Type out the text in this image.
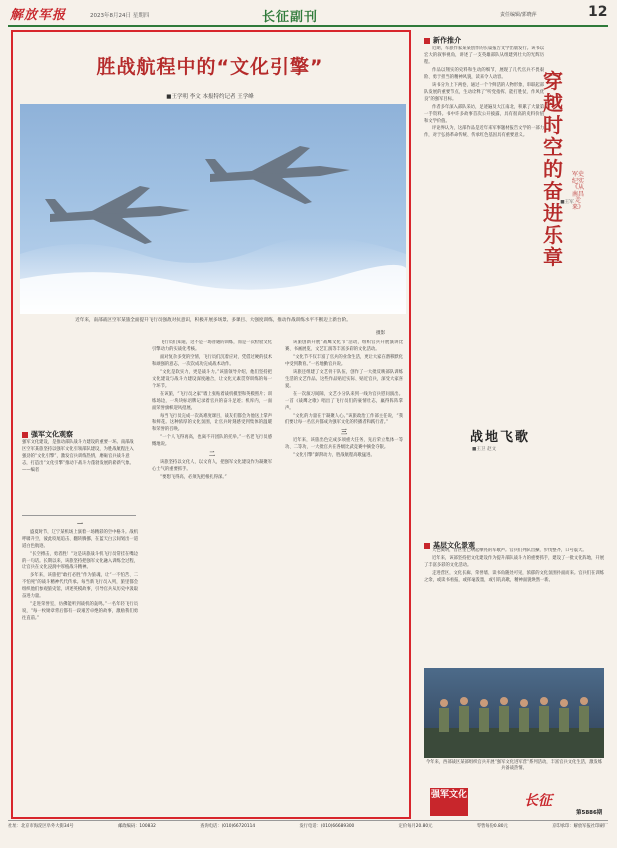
解放军报	2023年8月24日 星期四	长征副刊	责任编辑/郭晓萍	12
胜战航程中的“文化引擎”
■王学明 李文 本报特约记者 王学峰
近年来，南部战区空军某旅全面提升飞行员强敌对抗意识，积极开展多场景、多课目、大强度训练，推动作战训练水平不断迈上新台阶。
摄影
强军文化观察
强军文化建设，是推动部队战斗力建设的重要一环。南部战区空军某旅坚持以强军文化引领部队建设，为胜战航程注入强劲的“文化引擎”，激发官兵训练热情，磨砺官兵战斗意志，打造出“文化引擎”推动下战斗力蓬勃发展的崭新气象。——编者
一

盛夏时节，辽宁某机场上演着一场精彩的空中格斗。战机呼啸升空，彼此咬尾追击、翻转腾挪，在蓝天白云间划出一道道白色航迹。

“长空搏击，勇者胜！”这是该旅战斗机飞行员常挂在嘴边的一句话。长期以来，该旅坚持把强军文化融入训练全过程，让官兵在文化浸润中厚植战斗精神。

多年来，该旅把“敢打必胜”作为旅魂，让“一不怕苦、二不怕死”的战斗精神代代传承。每当新飞行员入列，旅里都会组织他们参观旅史馆，讲述英模故事，引导官兵从历史中汲取奋进力量。

“走进荣誉室，仿佛能听到战机的轰鸣。”一名年轻飞行员说，“每一枚勋章背后都有一段艰苦卓绝的故事，激励我们勇往直前。”

飞行员们知道，这不是一场普通的训练，而是一次检验文化引擎动力的实战化考核。

面对复杂多变的空情，飞行员们沉着应对，凭借过硬的技术和顽强的意志，一次次成功完成战术动作。

“文化是软实力，更是战斗力。”该旅领导介绍，他们坚持把文化建设与战斗力建设深度融合，让文化元素贯穿训练的每一个环节。

在该旅，“飞行员之家”墙上张贴着战机模型和英模照片；训练场边，一块块标语牌记录着官兵的奋斗足迹；机库内，一面面荣誉旗帜迎风招展。

每当飞行员完成一次高难度课目，战友们都会为他送上掌声和鲜花。这种浓厚的文化氛围，让官兵时刻感受到集体的温暖和荣誉的召唤。

“一个人飞得再高，也离不开团队的托举。”一名老飞行员感慨地说。

二

该旅坚持以文化人、以文育人，把强军文化建设作为凝聚军心士气的重要抓手。

“要想飞得高，必须先把根扎得深。”

该旅创新开展“战鹰文化节”活动，组织官兵开展演讲比赛、书画展览、文艺汇演等丰富多彩的文化活动。

“文化节不仅丰富了官兵的业余生活，更让大家在潜移默化中受到教育。”一名地勤官兵说。

该旅还组建了文艺骨干队伍，创作了一大批反映部队训练生活的文艺作品。这些作品贴近实际、贴近官兵，深受大家喜爱。

在一次演习间隙，文艺小分队来到一线为官兵慰问演出。一首《战鹰之歌》唱出了飞行员们的豪情壮志，赢得阵阵掌声。

“文化的力量在于凝聚人心。”该旅政治工作部主任说，“我们要让每一名官兵都成为强军文化的传播者和践行者。”

三

近年来，该旅出色完成多项重大任务，先后荣立集体一等功、二等功，一大批官兵在各级比武竞赛中摘金夺银。

“文化引擎”澎湃动力，胜战航程高歌猛进。

新作推介

近期，军旅作家某某创作的长篇报告文学出版发行。该书以宏大的叙事视角，讲述了一支英雄部队从组建到壮大的光辉历程。

作品以翔实的史料和生动的细节，展现了几代官兵不畏艰险、勇于担当的精神风貌，读来令人动容。

该书分为上下两卷，通过一个个鲜活的人物形象，串联起部队发展的重要节点，生动诠释了“听党指挥、能打胜仗、作风优良”的强军目标。

作者多年深入部队采访，足迹遍及大江南北，积累了大量第一手资料。书中许多故事首次公开披露，具有很高的史料价值和文学价值。

评论界认为，这部作品是近年来军事题材报告文学的一部力作，对于弘扬革命传统、传承红色基因具有重要意义。

穿越时空的奋进乐章
军史纪实《从南昌走来》
■王军
战地飞歌
■王卫 赵文
基层文化景观

天色微明，营区里已响起嘹亮的军歌声。官兵们列队出操，步伐整齐，口号震天。

近年来，该部坚持把文化建设作为提升部队战斗力的重要抓手，建设了一批文化阵地，开展了丰富多彩的文化活动。

走进营区，文化长廊、荣誉墙、读书角随处可见，浓郁的文化氛围扑面而来。官兵们在训练之余，或读书看报，或挥毫泼墨，或引吭高歌，精神面貌焕然一新。

今年来，西部战区某部组织官兵开展“强军文化进军营”系列活动，丰富官兵文化生活，激发练兵备战热情。
强军文化	长征
第5886期
社址：北京市海淀区阜外大街34号	邮政编码：100832	查询电话：(010)66720114	发行电话：(010)66689300	定价每月20.80元	零售每份0.80元	京印承印：解放军报社印刷厂
